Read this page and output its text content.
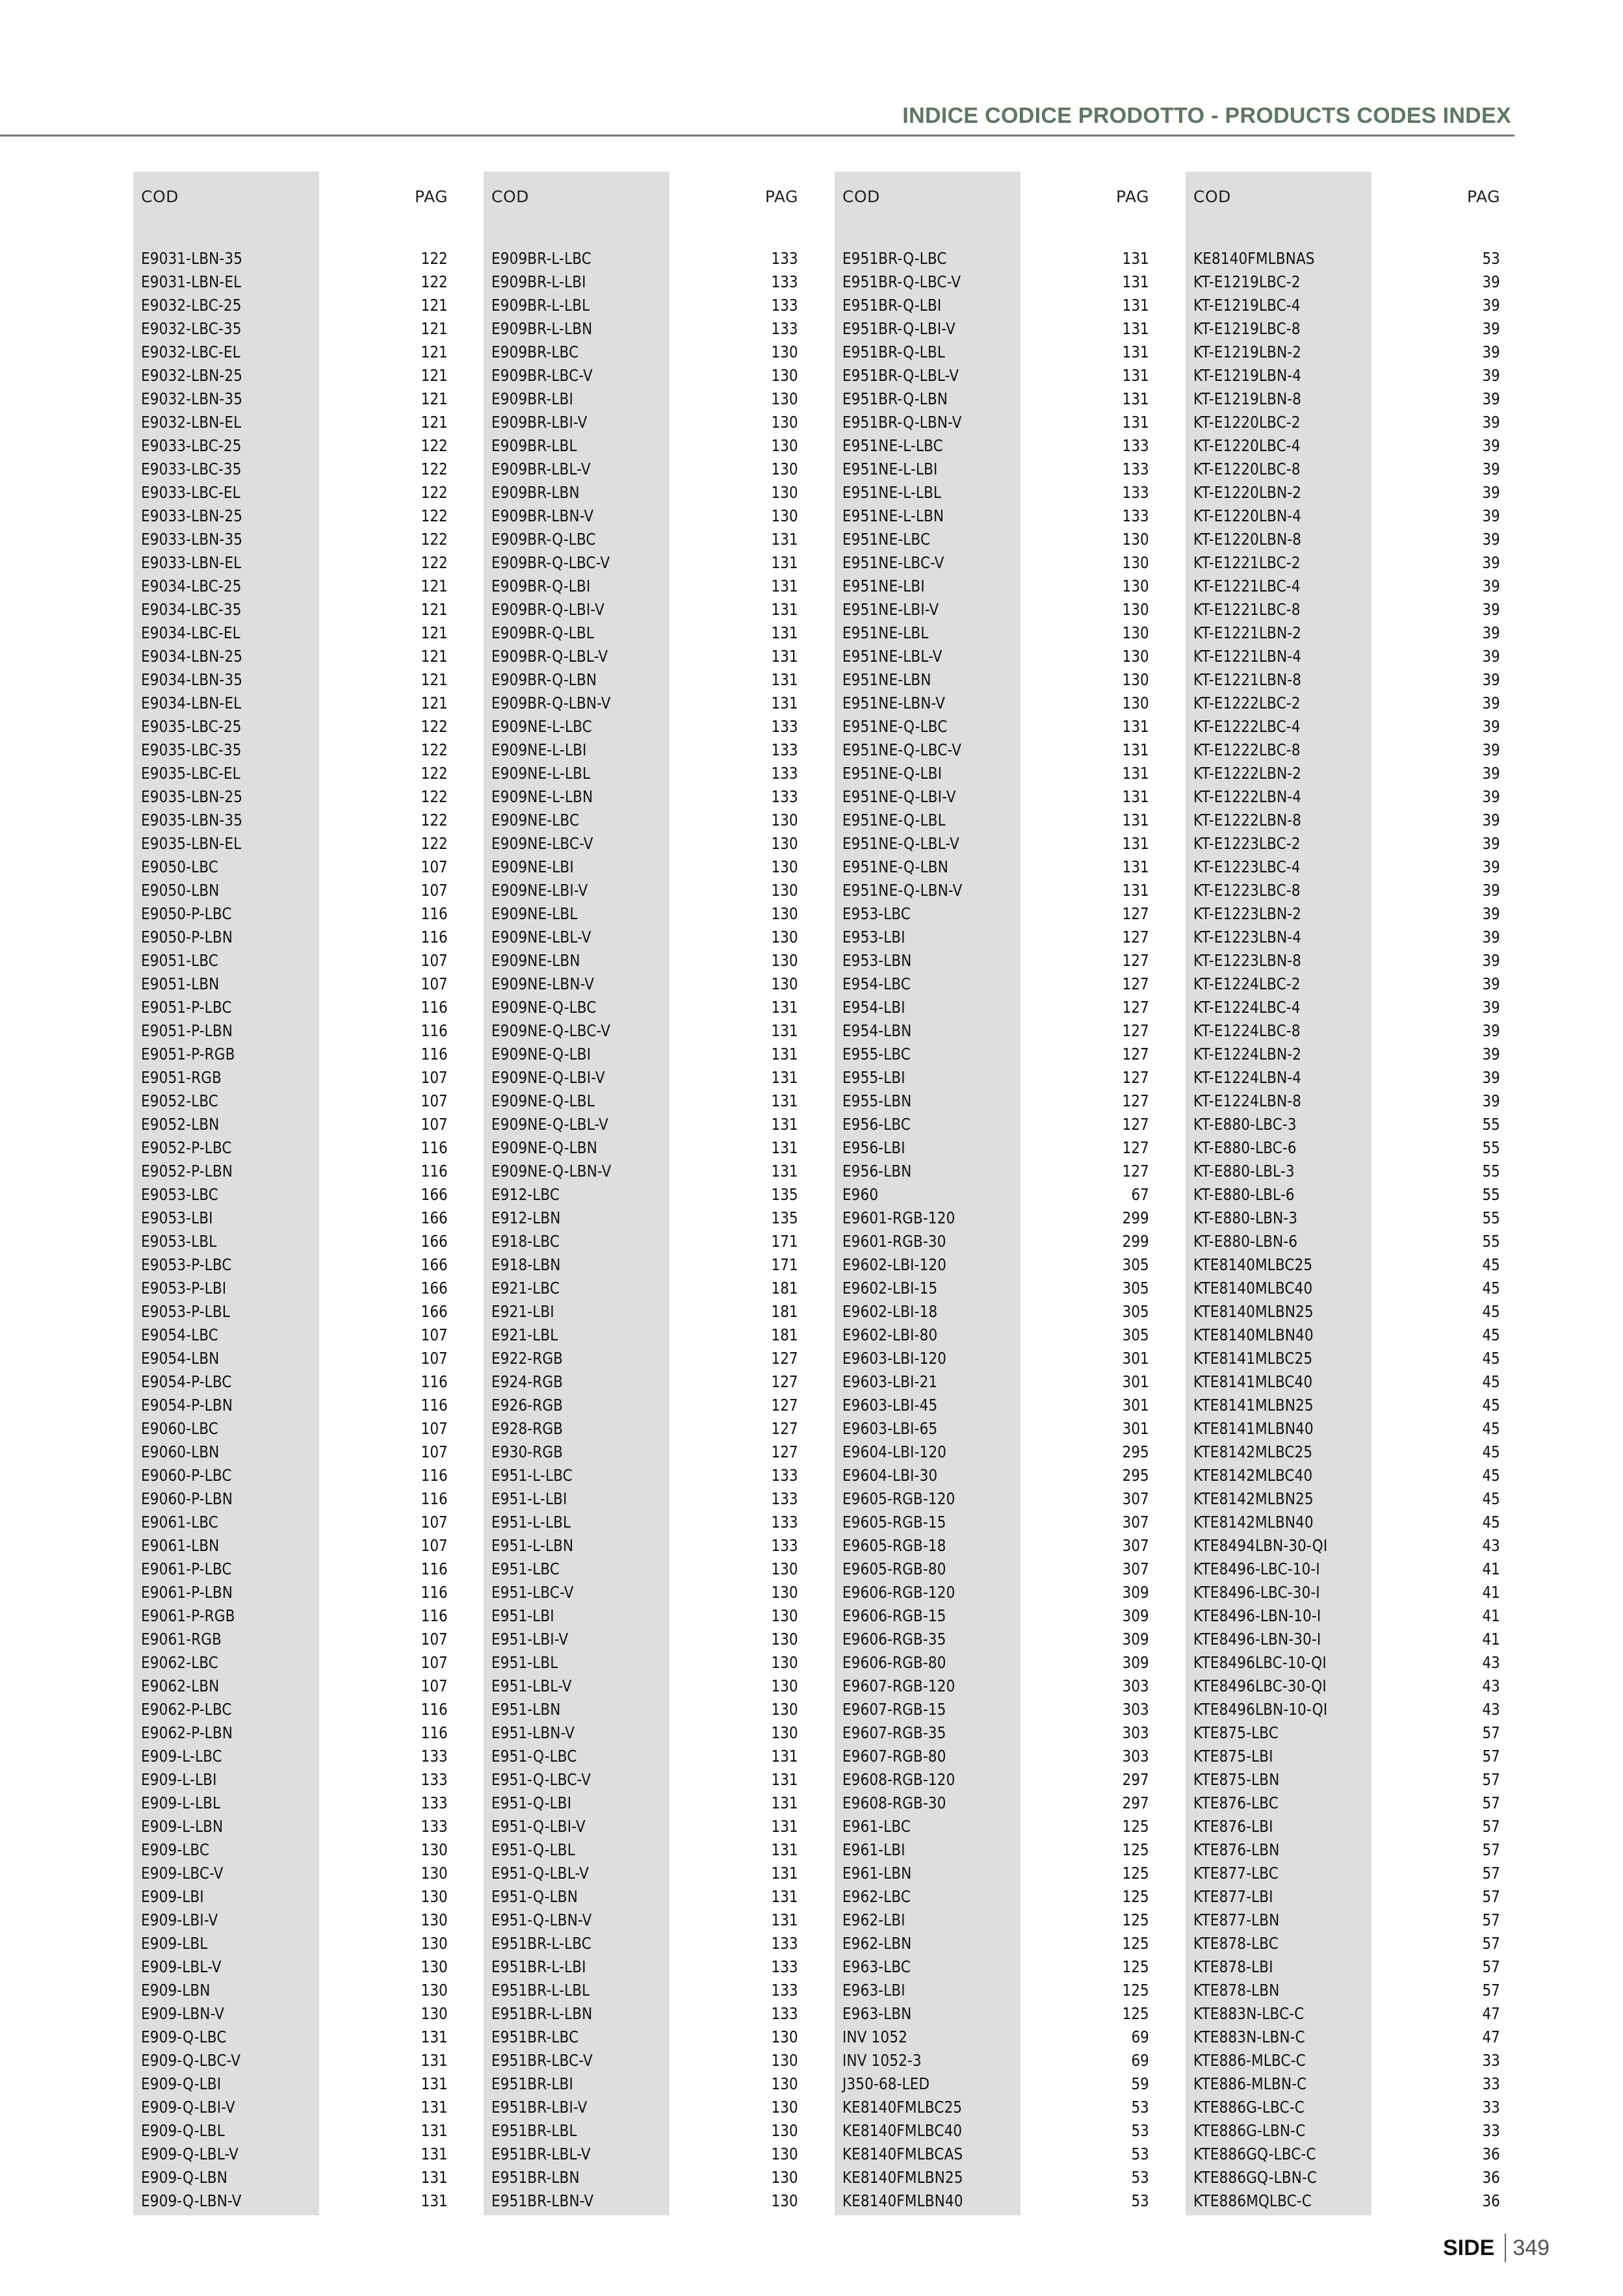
INDICE CODICE PRODOTTO - PRODUCTS CODES INDEX
COD	PAG
E9031-LBN-35	122
E9031-LBN-EL	122
E9032-LBC-25	121
E9032-LBC-35	121
E9032-LBC-EL	121
E9032-LBN-25	121
E9032-LBN-35	121
E9032-LBN-EL	121
E9033-LBC-25	122
E9033-LBC-35	122
E9033-LBC-EL	122
E9033-LBN-25	122
E9033-LBN-35	122
E9033-LBN-EL	122
E9034-LBC-25	121
E9034-LBC-35	121
E9034-LBC-EL	121
E9034-LBN-25	121
E9034-LBN-35	121
E9034-LBN-EL	121
E9035-LBC-25	122
E9035-LBC-35	122
E9035-LBC-EL	122
E9035-LBN-25	122
E9035-LBN-35	122
E9035-LBN-EL	122
E9050-LBC	107
E9050-LBN	107
E9050-P-LBC	116
E9050-P-LBN	116
E9051-LBC	107
E9051-LBN	107
E9051-P-LBC	116
E9051-P-LBN	116
E9051-P-RGB	116
E9051-RGB	107
E9052-LBC	107
E9052-LBN	107
E9052-P-LBC	116
E9052-P-LBN	116
E9053-LBC	166
E9053-LBI	166
E9053-LBL	166
E9053-P-LBC	166
E9053-P-LBI	166
E9053-P-LBL	166
E9054-LBC	107
E9054-LBN	107
E9054-P-LBC	116
E9054-P-LBN	116
E9060-LBC	107
E9060-LBN	107
E9060-P-LBC	116
E9060-P-LBN	116
E9061-LBC	107
E9061-LBN	107
E9061-P-LBC	116
E9061-P-LBN	116
E9061-P-RGB	116
E9061-RGB	107
E9062-LBC	107
E9062-LBN	107
E9062-P-LBC	116
E9062-P-LBN	116
E909-L-LBC	133
E909-L-LBI	133
E909-L-LBL	133
E909-L-LBN	133
E909-LBC	130
E909-LBC-V	130
E909-LBI	130
E909-LBI-V	130
E909-LBL	130
E909-LBL-V	130
E909-LBN	130
E909-LBN-V	130
E909-Q-LBC	131
E909-Q-LBC-V	131
E909-Q-LBI	131
E909-Q-LBI-V	131
E909-Q-LBL	131
E909-Q-LBL-V	131
E909-Q-LBN	131
E909-Q-LBN-V	131
COD	PAG
E909BR-L-LBC	133
E909BR-L-LBI	133
E909BR-L-LBL	133
E909BR-L-LBN	133
E909BR-LBC	130
E909BR-LBC-V	130
E909BR-LBI	130
E909BR-LBI-V	130
E909BR-LBL	130
E909BR-LBL-V	130
E909BR-LBN	130
E909BR-LBN-V	130
E909BR-Q-LBC	131
E909BR-Q-LBC-V	131
E909BR-Q-LBI	131
E909BR-Q-LBI-V	131
E909BR-Q-LBL	131
E909BR-Q-LBL-V	131
E909BR-Q-LBN	131
E909BR-Q-LBN-V	131
E909NE-L-LBC	133
E909NE-L-LBI	133
E909NE-L-LBL	133
E909NE-L-LBN	133
E909NE-LBC	130
E909NE-LBC-V	130
E909NE-LBI	130
E909NE-LBI-V	130
E909NE-LBL	130
E909NE-LBL-V	130
E909NE-LBN	130
E909NE-LBN-V	130
E909NE-Q-LBC	131
E909NE-Q-LBC-V	131
E909NE-Q-LBI	131
E909NE-Q-LBI-V	131
E909NE-Q-LBL	131
E909NE-Q-LBL-V	131
E909NE-Q-LBN	131
E909NE-Q-LBN-V	131
E912-LBC	135
E912-LBN	135
E918-LBC	171
E918-LBN	171
E921-LBC	181
E921-LBI	181
E921-LBL	181
E922-RGB	127
E924-RGB	127
E926-RGB	127
E928-RGB	127
E930-RGB	127
E951-L-LBC	133
E951-L-LBI	133
E951-L-LBL	133
E951-L-LBN	133
E951-LBC	130
E951-LBC-V	130
E951-LBI	130
E951-LBI-V	130
E951-LBL	130
E951-LBL-V	130
E951-LBN	130
E951-LBN-V	130
E951-Q-LBC	131
E951-Q-LBC-V	131
E951-Q-LBI	131
E951-Q-LBI-V	131
E951-Q-LBL	131
E951-Q-LBL-V	131
E951-Q-LBN	131
E951-Q-LBN-V	131
E951BR-L-LBC	133
E951BR-L-LBI	133
E951BR-L-LBL	133
E951BR-L-LBN	133
E951BR-LBC	130
E951BR-LBC-V	130
E951BR-LBI	130
E951BR-LBI-V	130
E951BR-LBL	130
E951BR-LBL-V	130
E951BR-LBN	130
E951BR-LBN-V	130
COD	PAG
E951BR-Q-LBC	131
E951BR-Q-LBC-V	131
E951BR-Q-LBI	131
E951BR-Q-LBI-V	131
E951BR-Q-LBL	131
E951BR-Q-LBL-V	131
E951BR-Q-LBN	131
E951BR-Q-LBN-V	131
E951NE-L-LBC	133
E951NE-L-LBI	133
E951NE-L-LBL	133
E951NE-L-LBN	133
E951NE-LBC	130
E951NE-LBC-V	130
E951NE-LBI	130
E951NE-LBI-V	130
E951NE-LBL	130
E951NE-LBL-V	130
E951NE-LBN	130
E951NE-LBN-V	130
E951NE-Q-LBC	131
E951NE-Q-LBC-V	131
E951NE-Q-LBI	131
E951NE-Q-LBI-V	131
E951NE-Q-LBL	131
E951NE-Q-LBL-V	131
E951NE-Q-LBN	131
E951NE-Q-LBN-V	131
E953-LBC	127
E953-LBI	127
E953-LBN	127
E954-LBC	127
E954-LBI	127
E954-LBN	127
E955-LBC	127
E955-LBI	127
E955-LBN	127
E956-LBC	127
E956-LBI	127
E956-LBN	127
E960	67
E9601-RGB-120	299
E9601-RGB-30	299
E9602-LBI-120	305
E9602-LBI-15	305
E9602-LBI-18	305
E9602-LBI-80	305
E9603-LBI-120	301
E9603-LBI-21	301
E9603-LBI-45	301
E9603-LBI-65	301
E9604-LBI-120	295
E9604-LBI-30	295
E9605-RGB-120	307
E9605-RGB-15	307
E9605-RGB-18	307
E9605-RGB-80	307
E9606-RGB-120	309
E9606-RGB-15	309
E9606-RGB-35	309
E9606-RGB-80	309
E9607-RGB-120	303
E9607-RGB-15	303
E9607-RGB-35	303
E9607-RGB-80	303
E9608-RGB-120	297
E9608-RGB-30	297
E961-LBC	125
E961-LBI	125
E961-LBN	125
E962-LBC	125
E962-LBI	125
E962-LBN	125
E963-LBC	125
E963-LBI	125
E963-LBN	125
INV 1052	69
INV 1052-3	69
J350-68-LED	59
KE8140FMLBC25	53
KE8140FMLBC40	53
KE8140FMLBCAS	53
KE8140FMLBN25	53
KE8140FMLBN40	53
COD	PAG
KE8140FMLBNAS	53
KT-E1219LBC-2	39
KT-E1219LBC-4	39
KT-E1219LBC-8	39
KT-E1219LBN-2	39
KT-E1219LBN-4	39
KT-E1219LBN-8	39
KT-E1220LBC-2	39
KT-E1220LBC-4	39
KT-E1220LBC-8	39
KT-E1220LBN-2	39
KT-E1220LBN-4	39
KT-E1220LBN-8	39
KT-E1221LBC-2	39
KT-E1221LBC-4	39
KT-E1221LBC-8	39
KT-E1221LBN-2	39
KT-E1221LBN-4	39
KT-E1221LBN-8	39
KT-E1222LBC-2	39
KT-E1222LBC-4	39
KT-E1222LBC-8	39
KT-E1222LBN-2	39
KT-E1222LBN-4	39
KT-E1222LBN-8	39
KT-E1223LBC-2	39
KT-E1223LBC-4	39
KT-E1223LBC-8	39
KT-E1223LBN-2	39
KT-E1223LBN-4	39
KT-E1223LBN-8	39
KT-E1224LBC-2	39
KT-E1224LBC-4	39
KT-E1224LBC-8	39
KT-E1224LBN-2	39
KT-E1224LBN-4	39
KT-E1224LBN-8	39
KT-E880-LBC-3	55
KT-E880-LBC-6	55
KT-E880-LBL-3	55
KT-E880-LBL-6	55
KT-E880-LBN-3	55
KT-E880-LBN-6	55
KTE8140MLBC25	45
KTE8140MLBC40	45
KTE8140MLBN25	45
KTE8140MLBN40	45
KTE8141MLBC25	45
KTE8141MLBC40	45
KTE8141MLBN25	45
KTE8141MLBN40	45
KTE8142MLBC25	45
KTE8142MLBC40	45
KTE8142MLBN25	45
KTE8142MLBN40	45
KTE8494LBN-30-QI	43
KTE8496-LBC-10-I	41
KTE8496-LBC-30-I	41
KTE8496-LBN-10-I	41
KTE8496-LBN-30-I	41
KTE8496LBC-10-QI	43
KTE8496LBC-30-QI	43
KTE8496LBN-10-QI	43
KTE875-LBC	57
KTE875-LBI	57
KTE875-LBN	57
KTE876-LBC	57
KTE876-LBI	57
KTE876-LBN	57
KTE877-LBC	57
KTE877-LBI	57
KTE877-LBN	57
KTE878-LBC	57
KTE878-LBI	57
KTE878-LBN	57
KTE883N-LBC-C	47
KTE883N-LBN-C	47
KTE886-MLBC-C	33
KTE886-MLBN-C	33
KTE886G-LBC-C	33
KTE886G-LBN-C	33
KTE886GQ-LBC-C	36
KTE886GQ-LBN-C	36
KTE886MQLBC-C	36
SIDE 349
